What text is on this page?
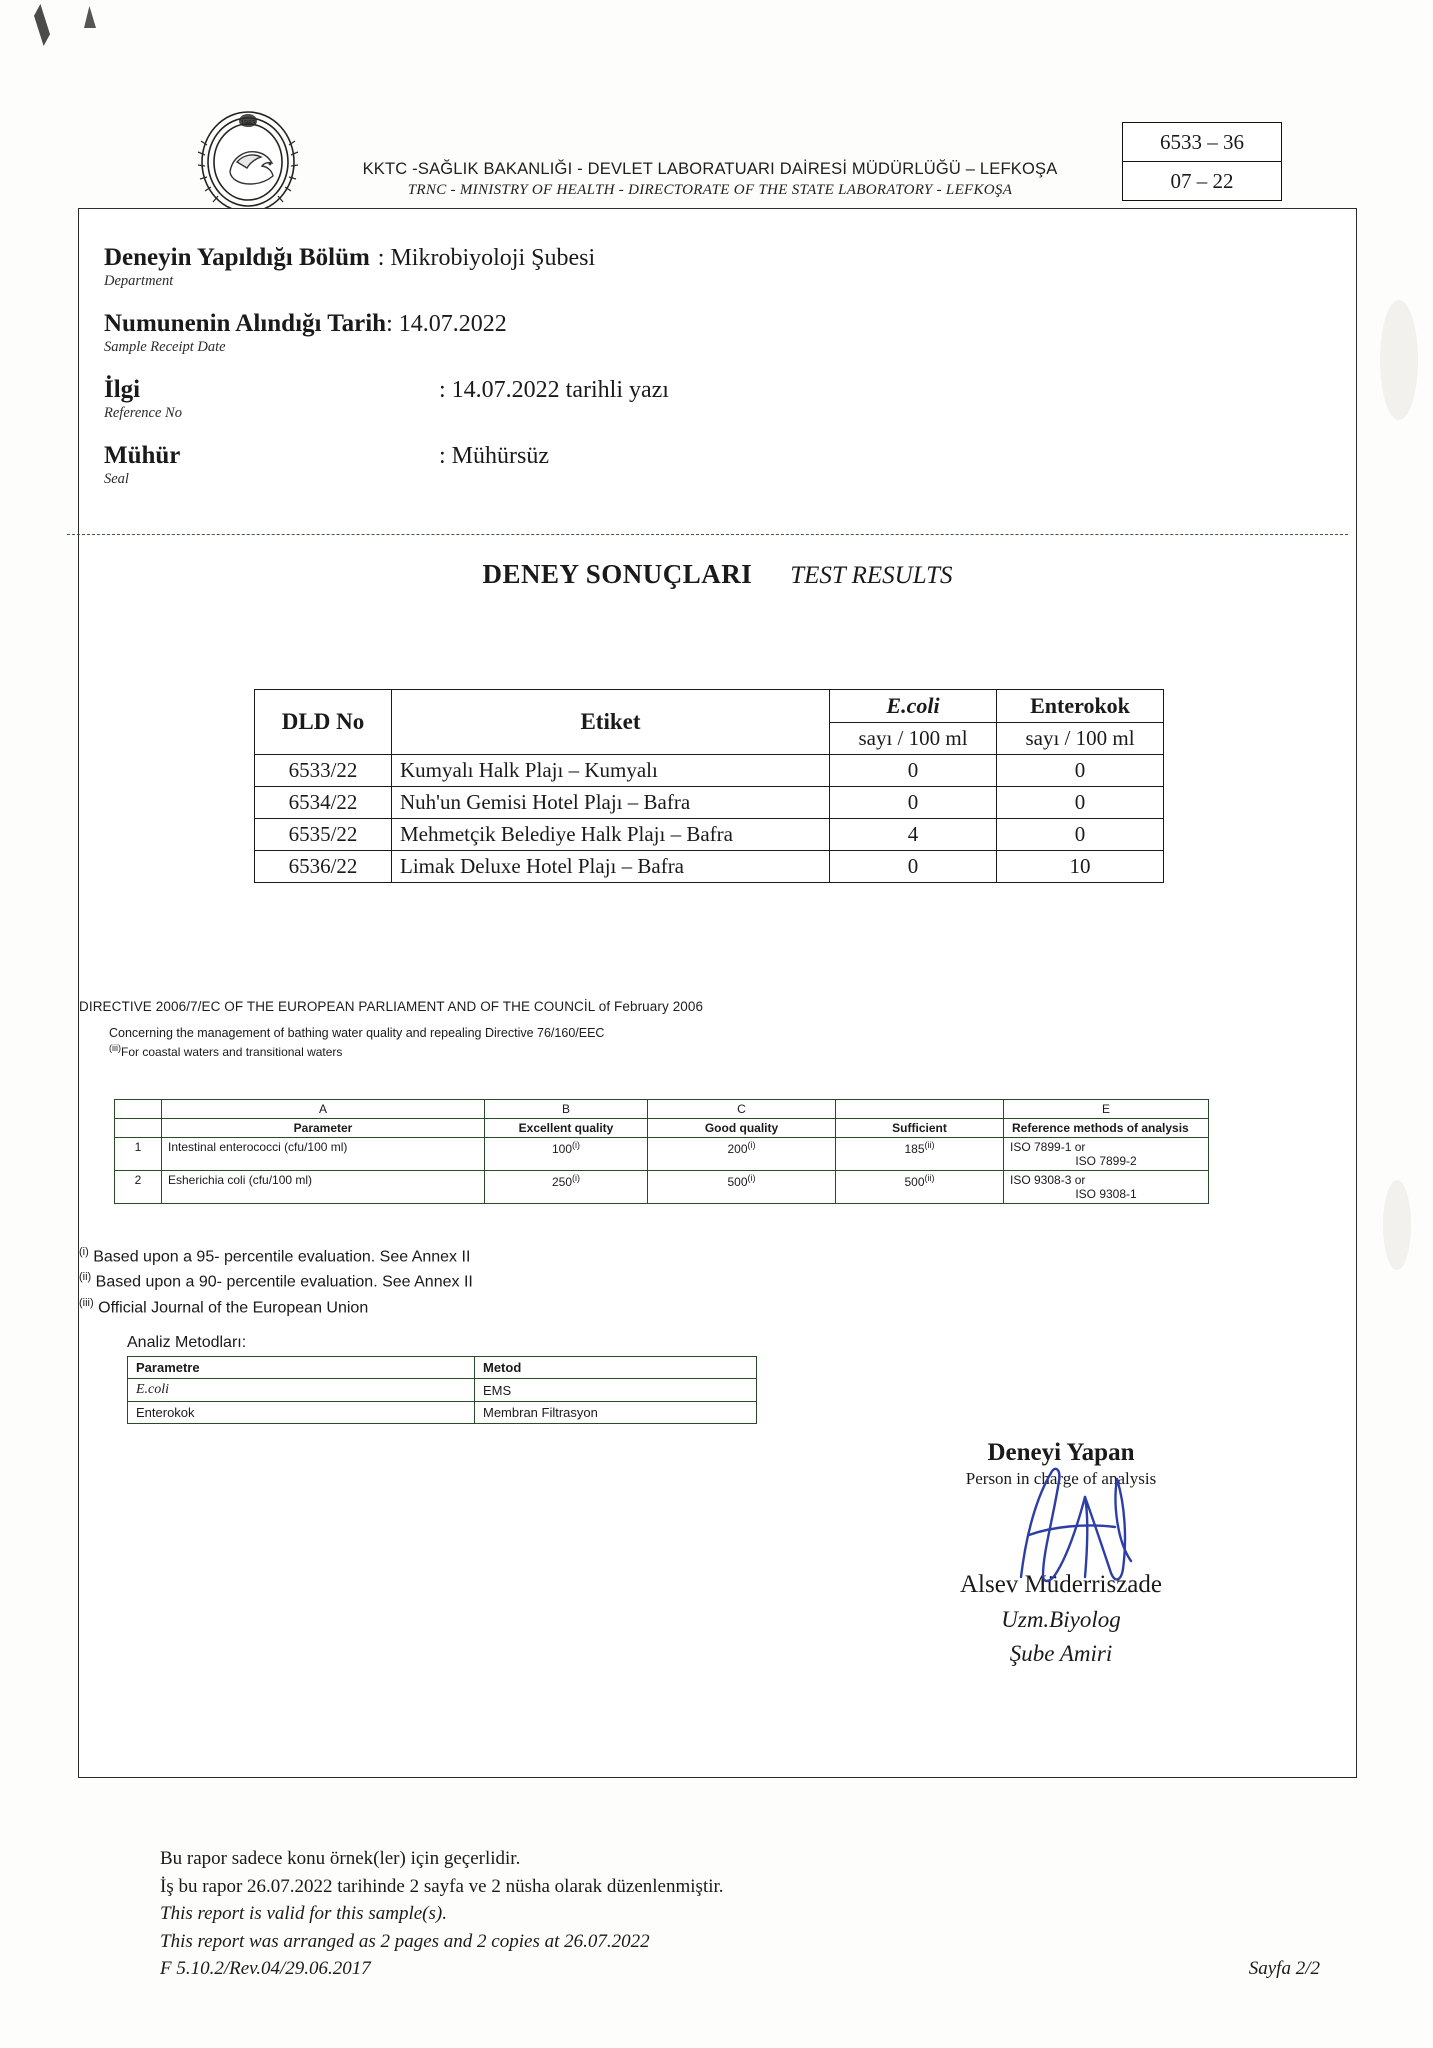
1983
KKTC -SAĞLIK BAKANLIĞI - DEVLET LABORATUARI DAİRESİ MÜDÜRLÜĞÜ – LEFKOŞA
TRNC - MINISTRY OF HEALTH - DIRECTORATE OF THE STATE LABORATORY - LEFKOŞA
6533 – 36
07 – 22
Deneyin Yapıldığı Bölüm : Mikrobiyoloji Şubesi
Department
Numunenin Alındığı Tarih : 14.07.2022
Sample Receipt Date
İlgi	: 14.07.2022 tarihli yazı
Reference No
Mühür	: Mühürsüz
Seal
DENEY SONUÇLARI TEST RESULTS
DLD No	Etiket	E.coli	Enterokok
		sayı / 100 ml	sayı / 100 ml
6533/22	Kumyalı Halk Plajı – Kumyalı	0	0
6534/22	Nuh'un Gemisi Hotel Plajı – Bafra	0	0
6535/22	Mehmetçik Belediye Halk Plajı – Bafra	4	0
6536/22	Limak Deluxe Hotel Plajı – Bafra	0	10
DIRECTIVE 2006/7/EC OF THE EUROPEAN PARLIAMENT AND OF THE COUNCİL of February 2006
Concerning the management of bathing water quality and repealing Directive 76/160/EEC
$^{(iii)}$For coastal waters and transitional waters
	A	B	C		E
	Parameter	Excellent quality	Good quality	Sufficient	Reference methods of analysis
1	Intestinal enterococci (cfu/100 ml)	100$^{(i)}$	200$^{(i)}$	185$^{(ii)}$	ISO 7899-1 or
ISO 7899-2

2	Esherichia coli (cfu/100 ml)	250$^{(i)}$	500$^{(i)}$	500$^{(ii)}$	ISO 9308-3 or
ISO 9308-1
$^{(i)}$ Based upon a 95- percentile evaluation. See Annex II
$^{(ii)}$ Based upon a 90- percentile evaluation. See Annex II
$^{(iii)}$ Official Journal of the European Union
Analiz Metodları:
Parametre	Metod
E.coli	EMS
Enterokok	Membran Filtrasyon
Deneyi Yapan
Person in charge of analysis
Alsev Müderriszade
Uzm.Biyolog
Şube Amiri
Bu rapor sadece konu örnek(ler) için geçerlidir.
İş bu rapor 26.07.2022 tarihinde 2 sayfa ve 2 nüsha olarak düzenlenmiştir.
This report is valid for this sample(s).
This report was arranged as 2 pages and 2 copies at 26.07.2022
F 5.10.2/Rev.04/29.06.2017	Sayfa 2/2
